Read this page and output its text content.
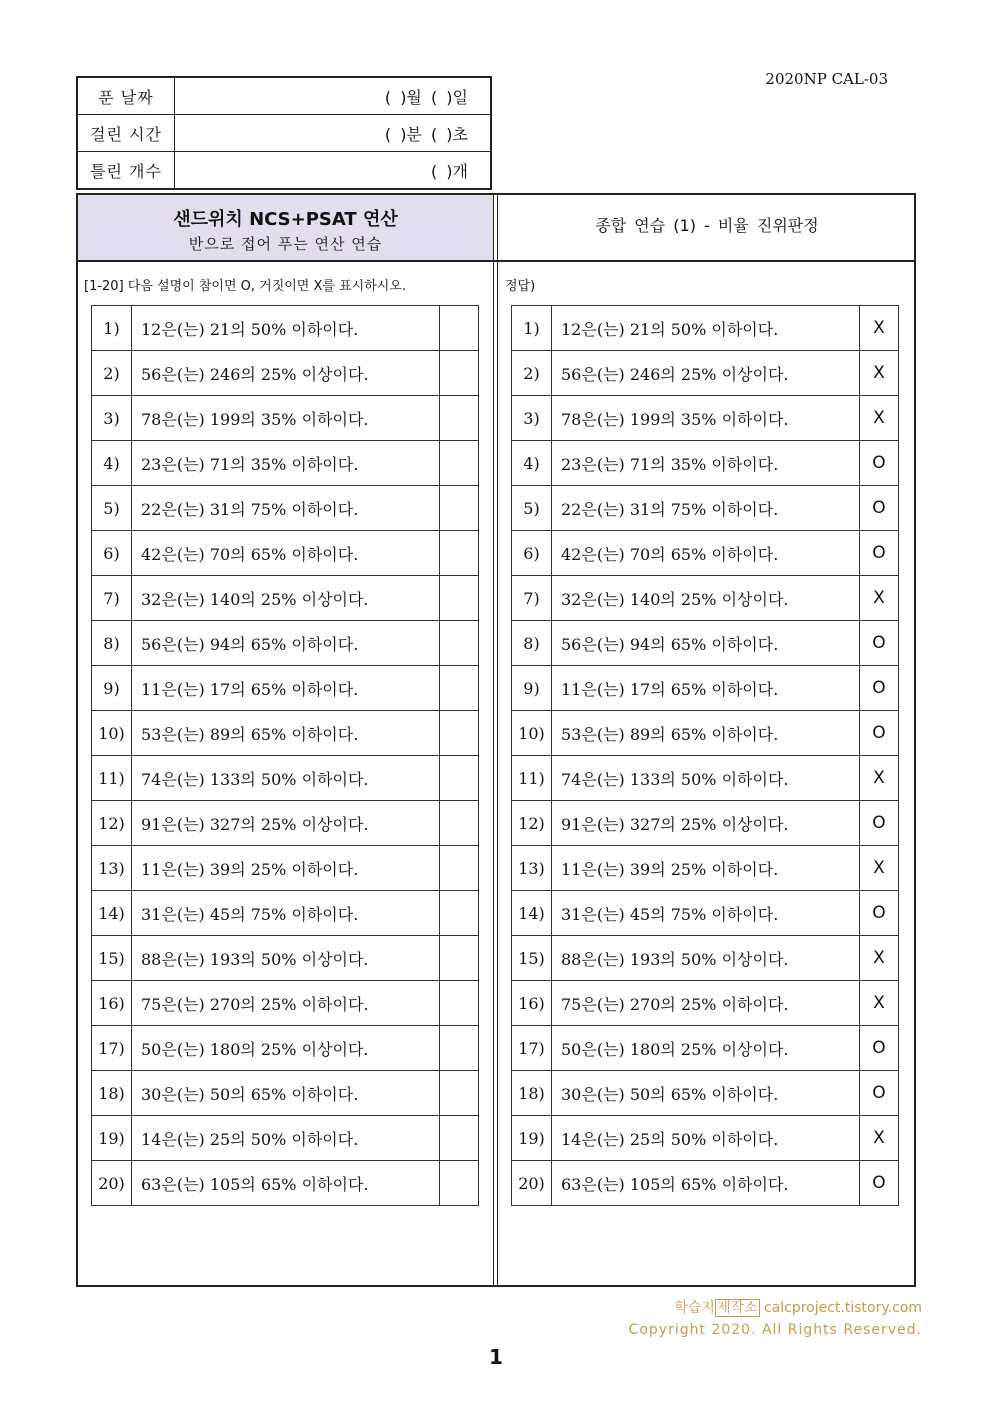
2020NP CAL-03
푼 날짜	( )월 ( )일
걸린 시간	( )분 ( )초
틀린 개수	( )개
샌드위치 NCS+PSAT 연산
반으로 접어 푸는 연산 연습
종합 연습 (1) - 비율 진위판정
[1-20] 다음 설명이 참이면 O, 거짓이면 X를 표시하시오.	정답)
1)	12은(는) 21의 50% 이하이다.	
2)	56은(는) 246의 25% 이상이다.	
3)	78은(는) 199의 35% 이하이다.	
4)	23은(는) 71의 35% 이하이다.	
5)	22은(는) 31의 75% 이하이다.	
6)	42은(는) 70의 65% 이하이다.	
7)	32은(는) 140의 25% 이상이다.	
8)	56은(는) 94의 65% 이하이다.	
9)	11은(는) 17의 65% 이하이다.	
10)	53은(는) 89의 65% 이하이다.	
11)	74은(는) 133의 50% 이하이다.	
12)	91은(는) 327의 25% 이상이다.	
13)	11은(는) 39의 25% 이하이다.	
14)	31은(는) 45의 75% 이하이다.	
15)	88은(는) 193의 50% 이상이다.	
16)	75은(는) 270의 25% 이하이다.	
17)	50은(는) 180의 25% 이상이다.	
18)	30은(는) 50의 65% 이하이다.	
19)	14은(는) 25의 50% 이하이다.	
20)	63은(는) 105의 65% 이하이다.	
1)	12은(는) 21의 50% 이하이다.	X
2)	56은(는) 246의 25% 이상이다.	X
3)	78은(는) 199의 35% 이하이다.	X
4)	23은(는) 71의 35% 이하이다.	O
5)	22은(는) 31의 75% 이하이다.	O
6)	42은(는) 70의 65% 이하이다.	O
7)	32은(는) 140의 25% 이상이다.	X
8)	56은(는) 94의 65% 이하이다.	O
9)	11은(는) 17의 65% 이하이다.	O
10)	53은(는) 89의 65% 이하이다.	O
11)	74은(는) 133의 50% 이하이다.	X
12)	91은(는) 327의 25% 이상이다.	O
13)	11은(는) 39의 25% 이하이다.	X
14)	31은(는) 45의 75% 이하이다.	O
15)	88은(는) 193의 50% 이상이다.	X
16)	75은(는) 270의 25% 이하이다.	X
17)	50은(는) 180의 25% 이상이다.	O
18)	30은(는) 50의 65% 이하이다.	O
19)	14은(는) 25의 50% 이하이다.	X
20)	63은(는) 105의 65% 이하이다.	O
학습지 제작소 calcproject.tistory.com
Copyright 2020. All Rights Reserved.
1
